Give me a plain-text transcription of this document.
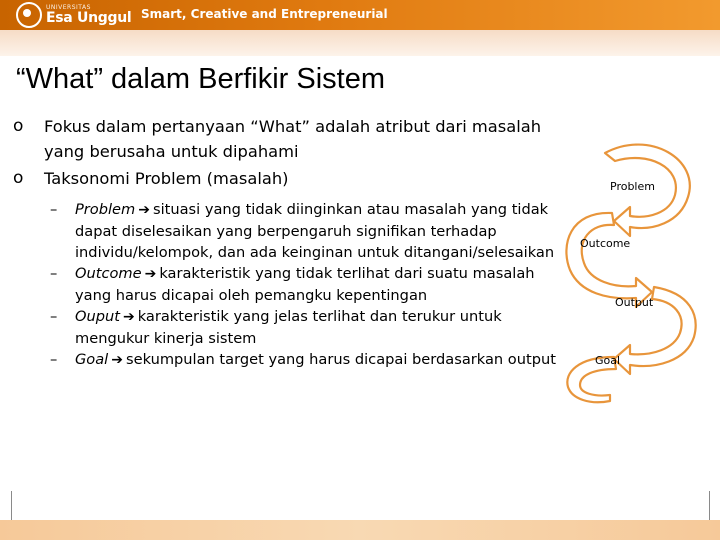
UNIVERSITAS
Esa Unggul Smart, Creative and Entrepreneurial
“What” dalam Berfikir Sistem
o Fokus dalam pertanyaan “What” adalah atribut dari masalah yang berusaha untuk dipahami
o Taksonomi Problem (masalah)
– Problem ➔ situasi yang tidak diinginkan atau masalah yang tidak dapat diselesaikan yang berpengaruh signifikan terhadap individu/kelompok, dan ada keinginan untuk ditangani/selesaikan
– Outcome ➔ karakteristik yang tidak terlihat dari suatu masalah yang harus dicapai oleh pemangku kepentingan
– Ouput ➔ karakteristik yang jelas terlihat dan terukur untuk mengukur kinerja sistem
– Goal ➔ sekumpulan target yang harus dicapai berdasarkan output
Problem
Outcome
Output
Goal
